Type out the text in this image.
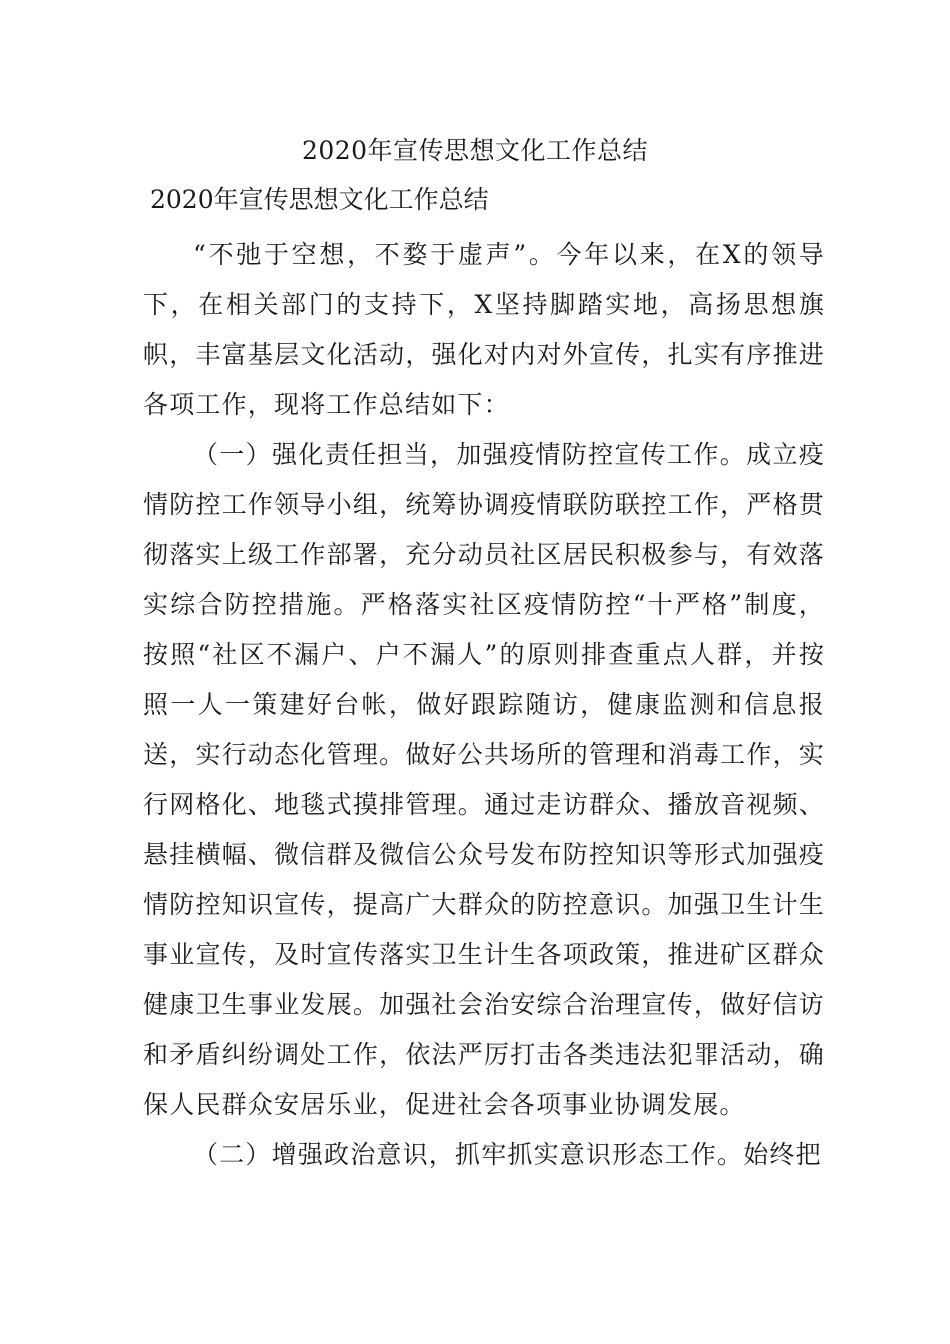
2020年宣传思想文化工作总结
2020年宣传思想文化工作总结

“不弛于空想，不婺于虚声”。今年以来，在X的领导下，在相关部门的支持下，X坚持脚踏实地，高扬思想旗帜，丰富基层文化活动，强化对内对外宣传，扎实有序推进各项工作，现将工作总结如下：

（一）强化责任担当，加强疫情防控宣传工作。成立疫情防控工作领导小组，统筹协调疫情联防联控工作，严格贯彻落实上级工作部署，充分动员社区居民积极参与，有效落实综合防控措施。严格落实社区疫情防控“十严格”制度，按照“社区不漏户、户不漏人”的原则排查重点人群，并按照一人一策建好台帐，做好跟踪随访，健康监测和信息报送，实行动态化管理。做好公共场所的管理和消毒工作，实行网格化、地毯式摸排管理。通过走访群众、播放音视频、悬挂横幅、微信群及微信公众号发布防控知识等形式加强疫情防控知识宣传，提高广大群众的防控意识。加强卫生计生事业宣传，及时宣传落实卫生计生各项政策，推进矿区群众健康卫生事业发展。加强社会治安综合治理宣传，做好信访和矛盾纠纷调处工作，依法严厉打击各类违法犯罪活动，确保人民群众安居乐业，促进社会各项事业协调发展。

（二）增强政治意识，抓牢抓实意识形态工作。始终把
